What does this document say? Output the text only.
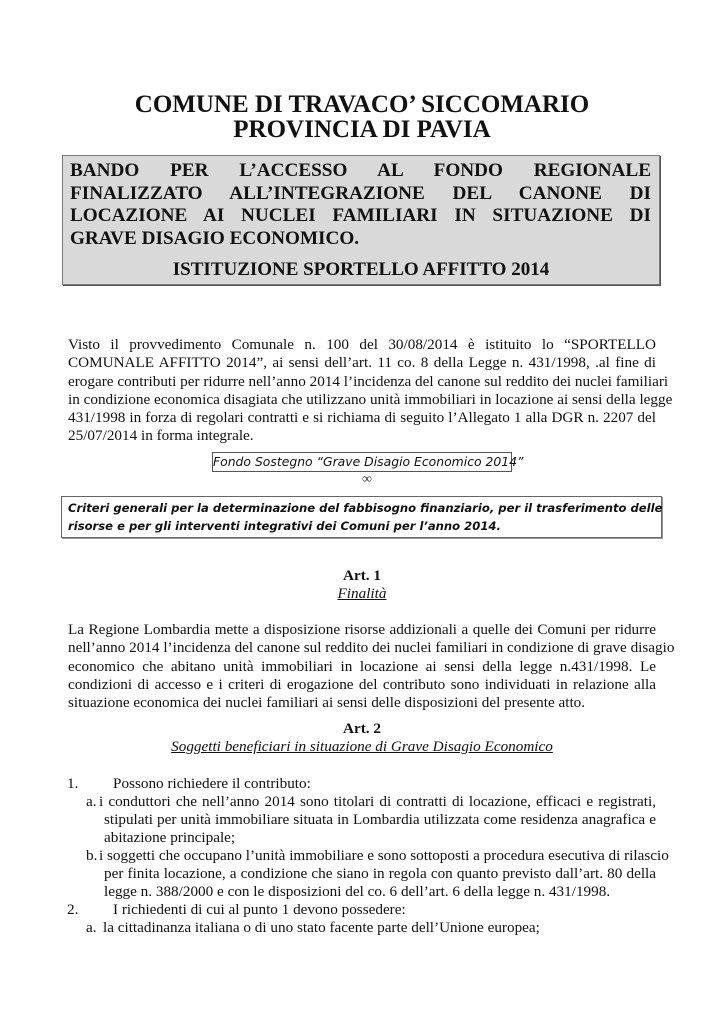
COMUNE DI TRAVACO’ SICCOMARIO
PROVINCIA DI PAVIA
BANDO PER L’ACCESSO AL FONDO REGIONALE
FINALIZZATO ALL’INTEGRAZIONE DEL CANONE DI
LOCAZIONE AI NUCLEI FAMILIARI IN SITUAZIONE DI
GRAVE DISAGIO ECONOMICO.
ISTITUZIONE SPORTELLO AFFITTO 2014
Visto il provvedimento Comunale n. 100 del 30/08/2014 è istituito lo “SPORTELLO
COMUNALE AFFITTO 2014”, ai sensi dell’art. 11 co. 8 della Legge n. 431/1998, .al fine di
erogare contributi per ridurre nell’anno 2014 l’incidenza del canone sul reddito dei nuclei familiari
in condizione economica disagiata che utilizzano unità immobiliari in locazione ai sensi della legge
431/1998 in forza di regolari contratti e si richiama di seguito l’Allegato 1 alla DGR n. 2207 del
25/07/2014 in forma integrale.
Fondo Sostegno “Grave Disagio Economico 2014”
∞
Criteri generali per la determinazione del fabbisogno finanziario, per il trasferimento delle
risorse e per gli interventi integrativi dei Comuni per l’anno 2014.
Art. 1
Finalità
La Regione Lombardia mette a disposizione risorse addizionali a quelle dei Comuni per ridurre
nell’anno 2014 l’incidenza del canone sul reddito dei nuclei familiari in condizione di grave disagio
economico che abitano unità immobiliari in locazione ai sensi della legge n.431/1998. Le
condizioni di accesso e i criteri di erogazione del contributo sono individuati in relazione alla
situazione economica dei nuclei familiari ai sensi delle disposizioni del presente atto.
Art. 2
Soggetti beneficiari in situazione di Grave Disagio Economico
1. Possono richiedere il contributo:
a. i conduttori che nell’anno 2014 sono titolari di contratti di locazione, efficaci e registrati,
stipulati per unità immobiliare situata in Lombardia utilizzata come residenza anagrafica e
abitazione principale;
b. i soggetti che occupano l’unità immobiliare e sono sottoposti a procedura esecutiva di rilascio
per finita locazione, a condizione che siano in regola con quanto previsto dall’art. 80 della
legge n. 388/2000 e con le disposizioni del co. 6 dell’art. 6 della legge n. 431/1998.
2. I richiedenti di cui al punto 1 devono possedere:
a. la cittadinanza italiana o di uno stato facente parte dell’Unione europea;
